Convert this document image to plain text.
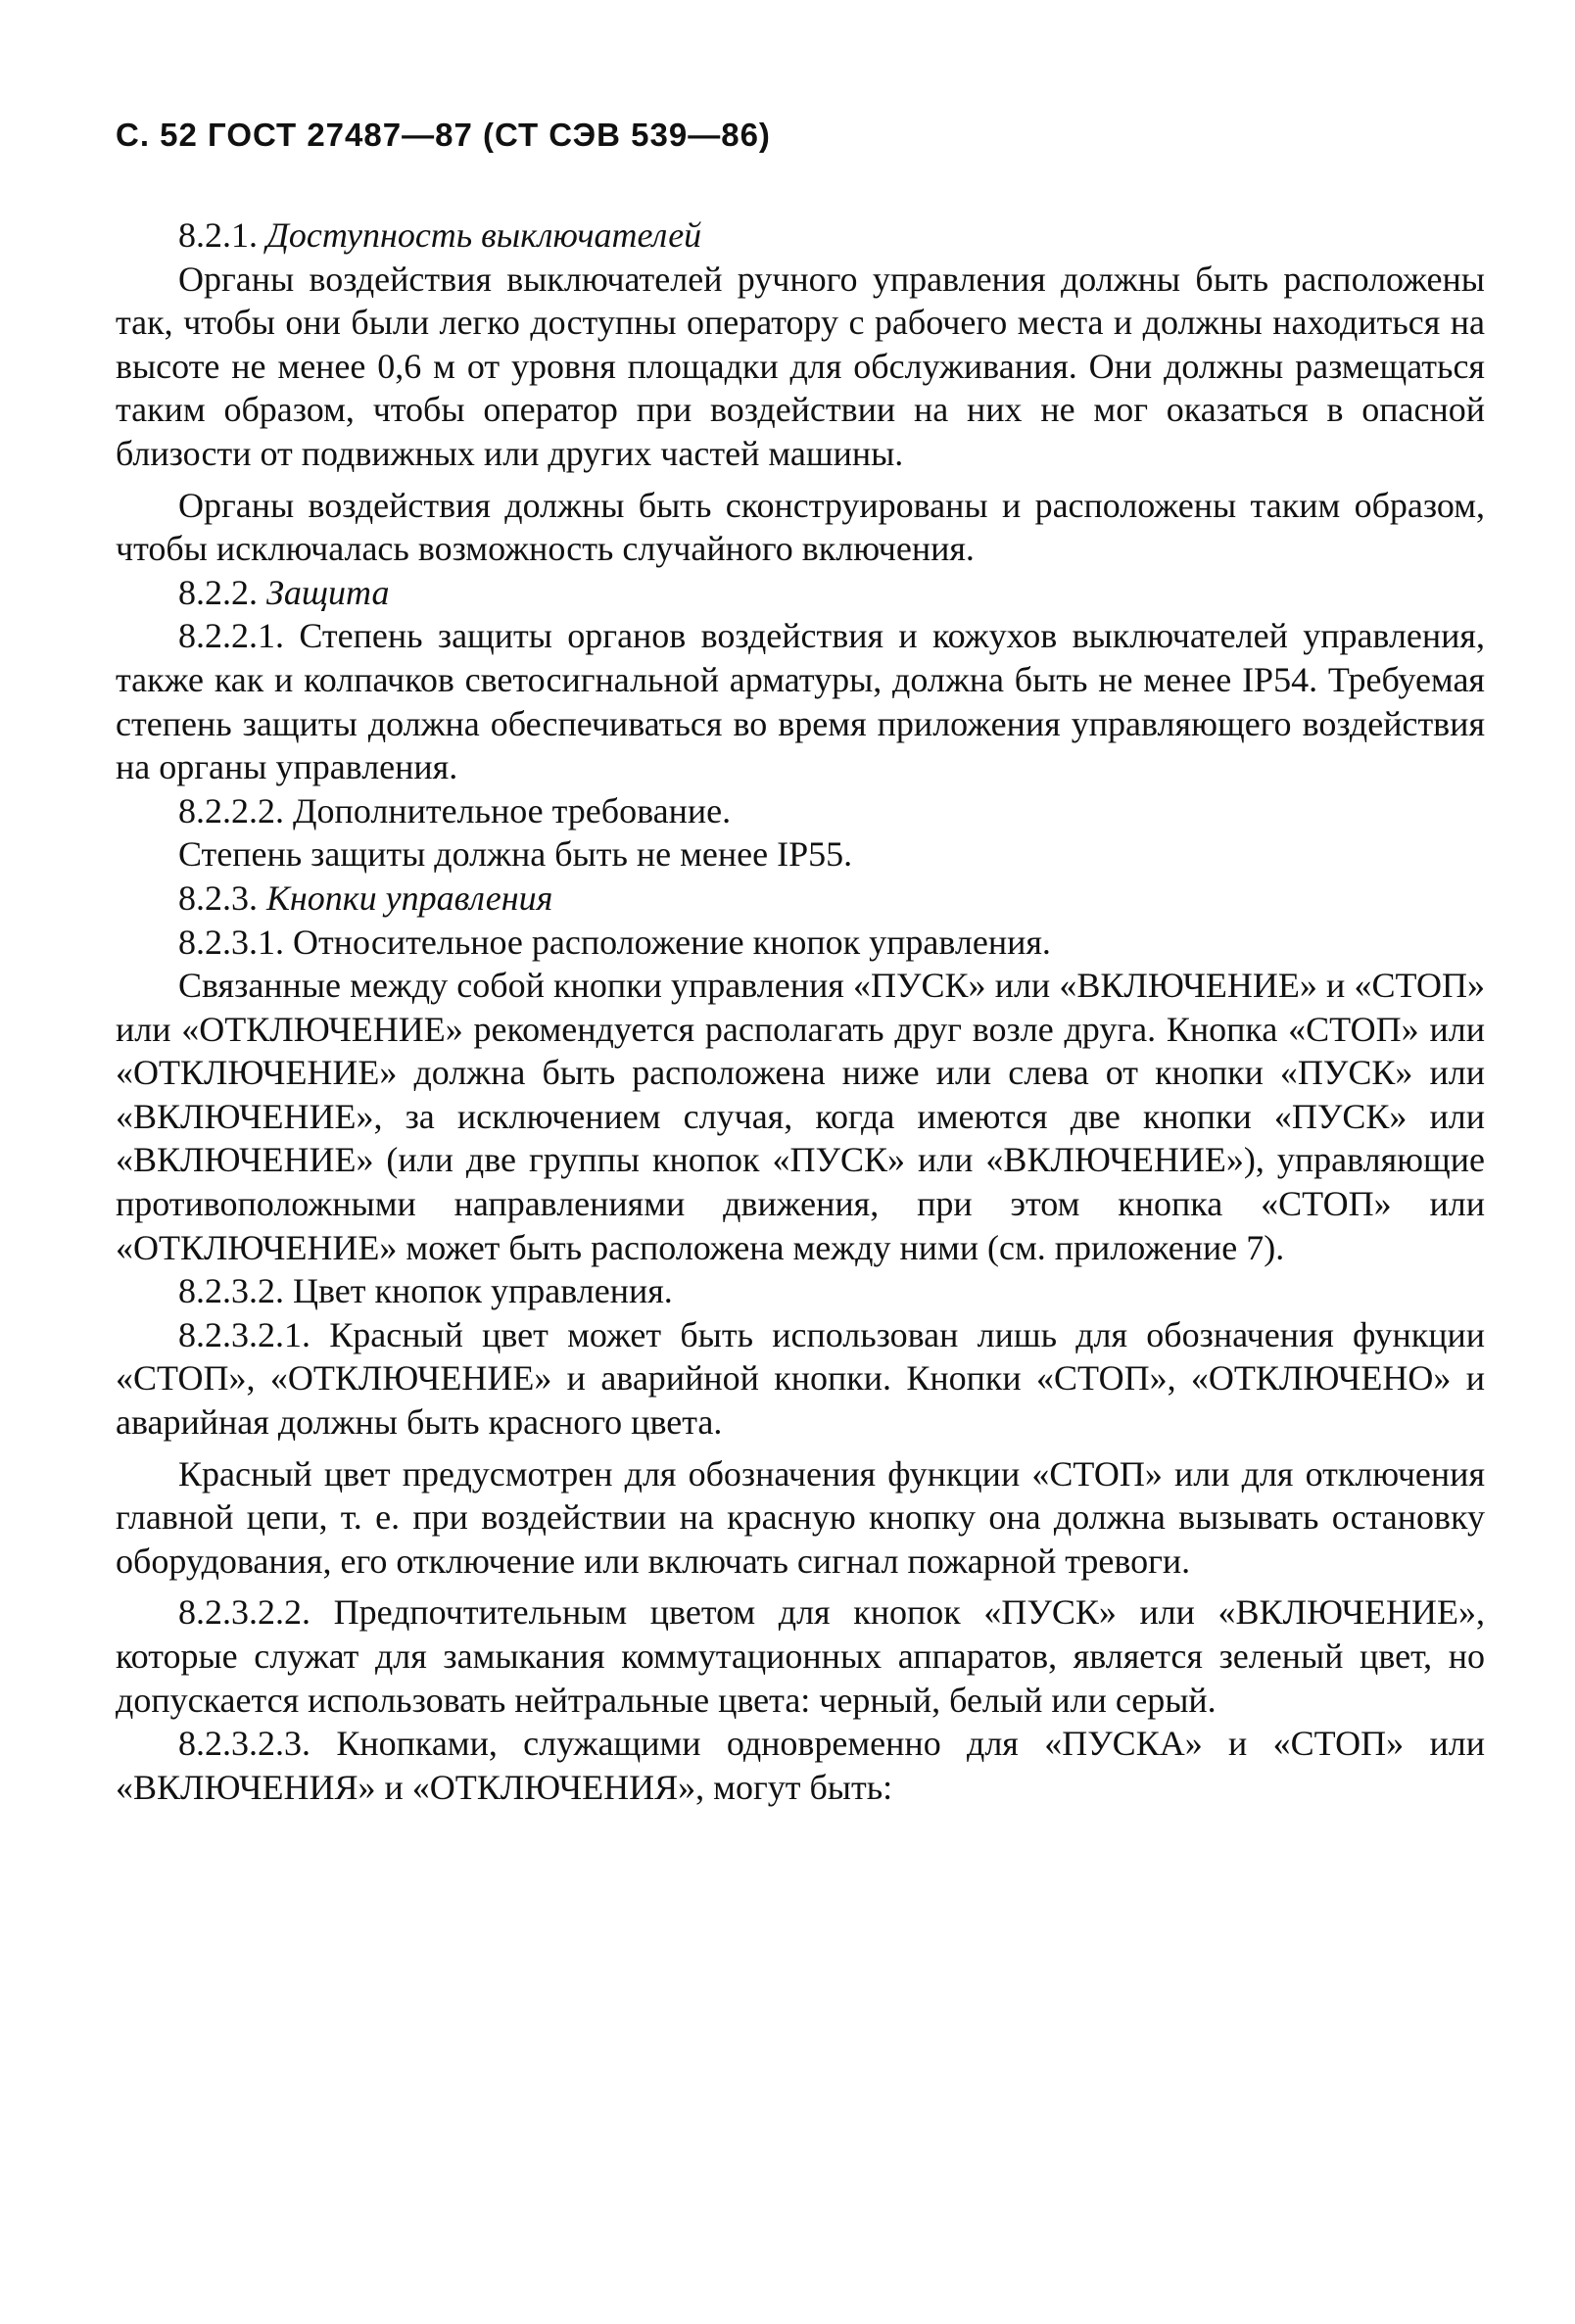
С. 52 ГОСТ 27487—87 (СТ СЭВ 539—86)
8.2.1. Доступность выключателей
Органы воздействия выключателей ручного управления должны быть расположены так, чтобы они были легко доступны оператору с рабочего места и должны находиться на высоте не менее 0,6 м от уровня площадки для обслуживания. Они должны размещаться таким образом, чтобы оператор при воздействии на них не мог оказаться в опасной близости от подвижных или других частей машины.
Органы воздействия должны быть сконструированы и расположены таким образом, чтобы исключалась возможность случайного включения.
8.2.2. Защита
8.2.2.1. Степень защиты органов воздействия и кожухов выключателей управления, также как и колпачков светосигнальной арматуры, должна быть не менее IP54. Требуемая степень защиты должна обеспечиваться во время приложения управляющего воздействия на органы управления.
8.2.2.2. Дополнительное требование.
Степень защиты должна быть не менее IP55.
8.2.3. Кнопки управления
8.2.3.1. Относительное расположение кнопок управления.
Связанные между собой кнопки управления «ПУСК» или «ВКЛЮЧЕНИЕ» и «СТОП» или «ОТКЛЮЧЕНИЕ» рекомендуется располагать друг возле друга. Кнопка «СТОП» или «ОТКЛЮЧЕНИЕ» должна быть расположена ниже или слева от кнопки «ПУСК» или «ВКЛЮЧЕНИЕ», за исключением случая, когда имеются две кнопки «ПУСК» или «ВКЛЮЧЕНИЕ» (или две группы кнопок «ПУСК» или «ВКЛЮЧЕНИЕ»), управляющие противоположными направлениями движения, при этом кнопка «СТОП» или «ОТКЛЮЧЕНИЕ» может быть расположена между ними (см. приложение 7).
8.2.3.2. Цвет кнопок управления.
8.2.3.2.1. Красный цвет может быть использован лишь для обозначения функции «СТОП», «ОТКЛЮЧЕНИЕ» и аварийной кнопки. Кнопки «СТОП», «ОТКЛЮЧЕНО» и аварийная должны быть красного цвета.
Красный цвет предусмотрен для обозначения функции «СТОП» или для отключения главной цепи, т. е. при воздействии на красную кнопку она должна вызывать остановку оборудования, его отключение или включать сигнал пожарной тревоги.
8.2.3.2.2. Предпочтительным цветом для кнопок «ПУСК» или «ВКЛЮЧЕНИЕ», которые служат для замыкания коммутационных аппаратов, является зеленый цвет, но допускается использовать нейтральные цвета: черный, белый или серый.
8.2.3.2.3. Кнопками, служащими одновременно для «ПУСКА» и «СТОП» или «ВКЛЮЧЕНИЯ» и «ОТКЛЮЧЕНИЯ», могут быть:
